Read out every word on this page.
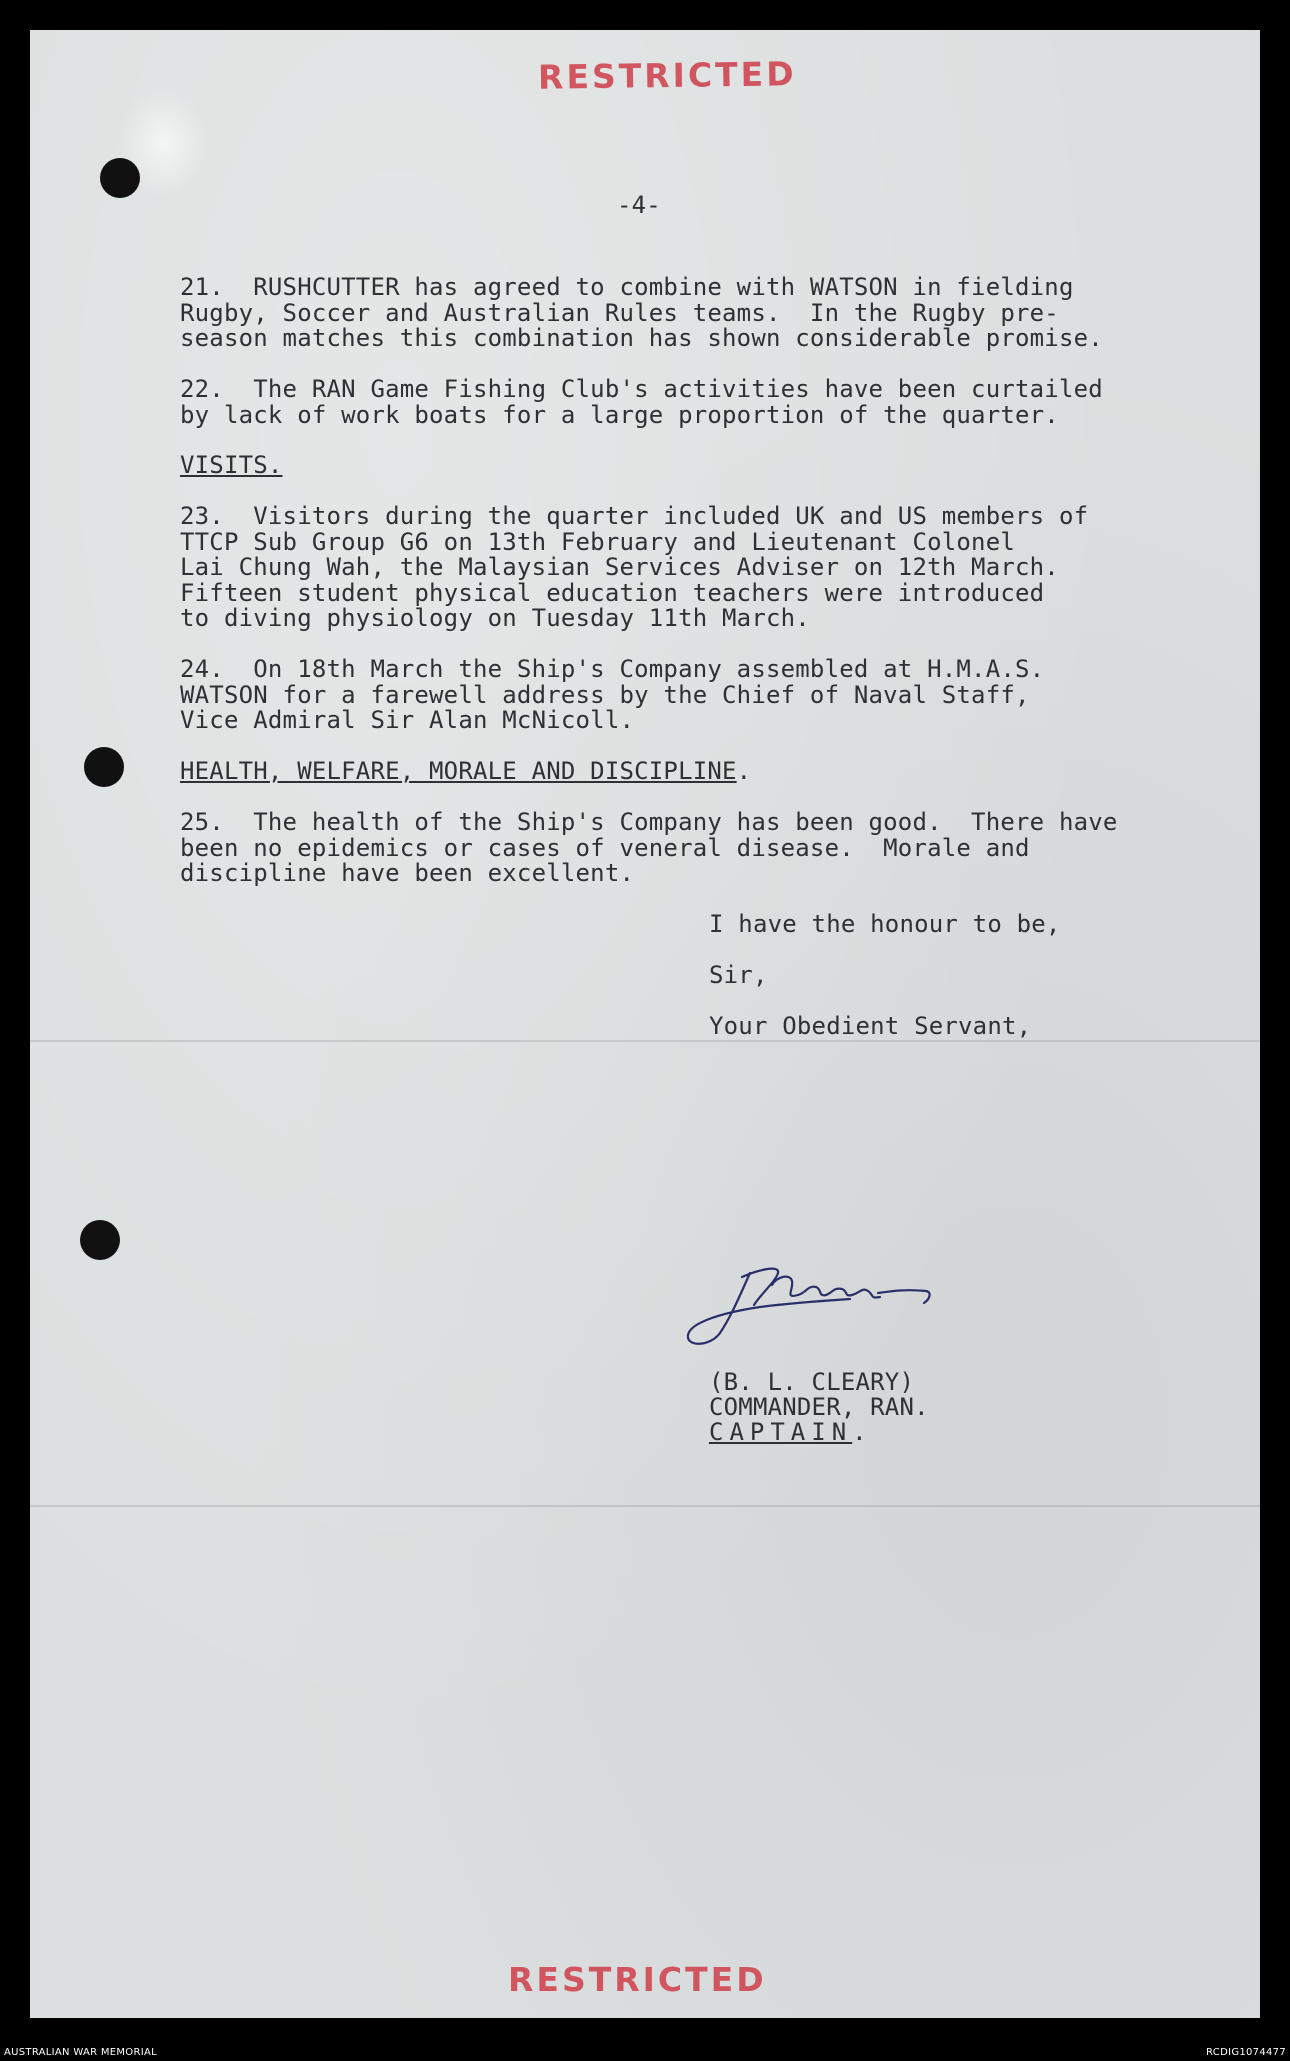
RESTRICTED
-4-
21.  RUSHCUTTER has agreed to combine with WATSON in fielding
Rugby, Soccer and Australian Rules teams.  In the Rugby pre-
season matches this combination has shown considerable promise.
22.  The RAN Game Fishing Club's activities have been curtailed
by lack of work boats for a large proportion of the quarter.
VISITS.
23.  Visitors during the quarter included UK and US members of
TTCP Sub Group G6 on 13th February and Lieutenant Colonel
Lai Chung Wah, the Malaysian Services Adviser on 12th March.
Fifteen student physical education teachers were introduced
to diving physiology on Tuesday 11th March.
24.  On 18th March the Ship's Company assembled at H.M.A.S.
WATSON for a farewell address by the Chief of Naval Staff,
Vice Admiral Sir Alan McNicoll.
HEALTH, WELFARE, MORALE AND DISCIPLINE.
25.  The health of the Ship's Company has been good.  There have
been no epidemics or cases of veneral disease.  Morale and
discipline have been excellent.
I have the honour to be,
Sir,
Your Obedient Servant,
(B. L. CLEARY)
COMMANDER, RAN.
CAPTAIN.
RESTRICTED
AUSTRALIAN WAR MEMORIAL	RCDIG1074477
